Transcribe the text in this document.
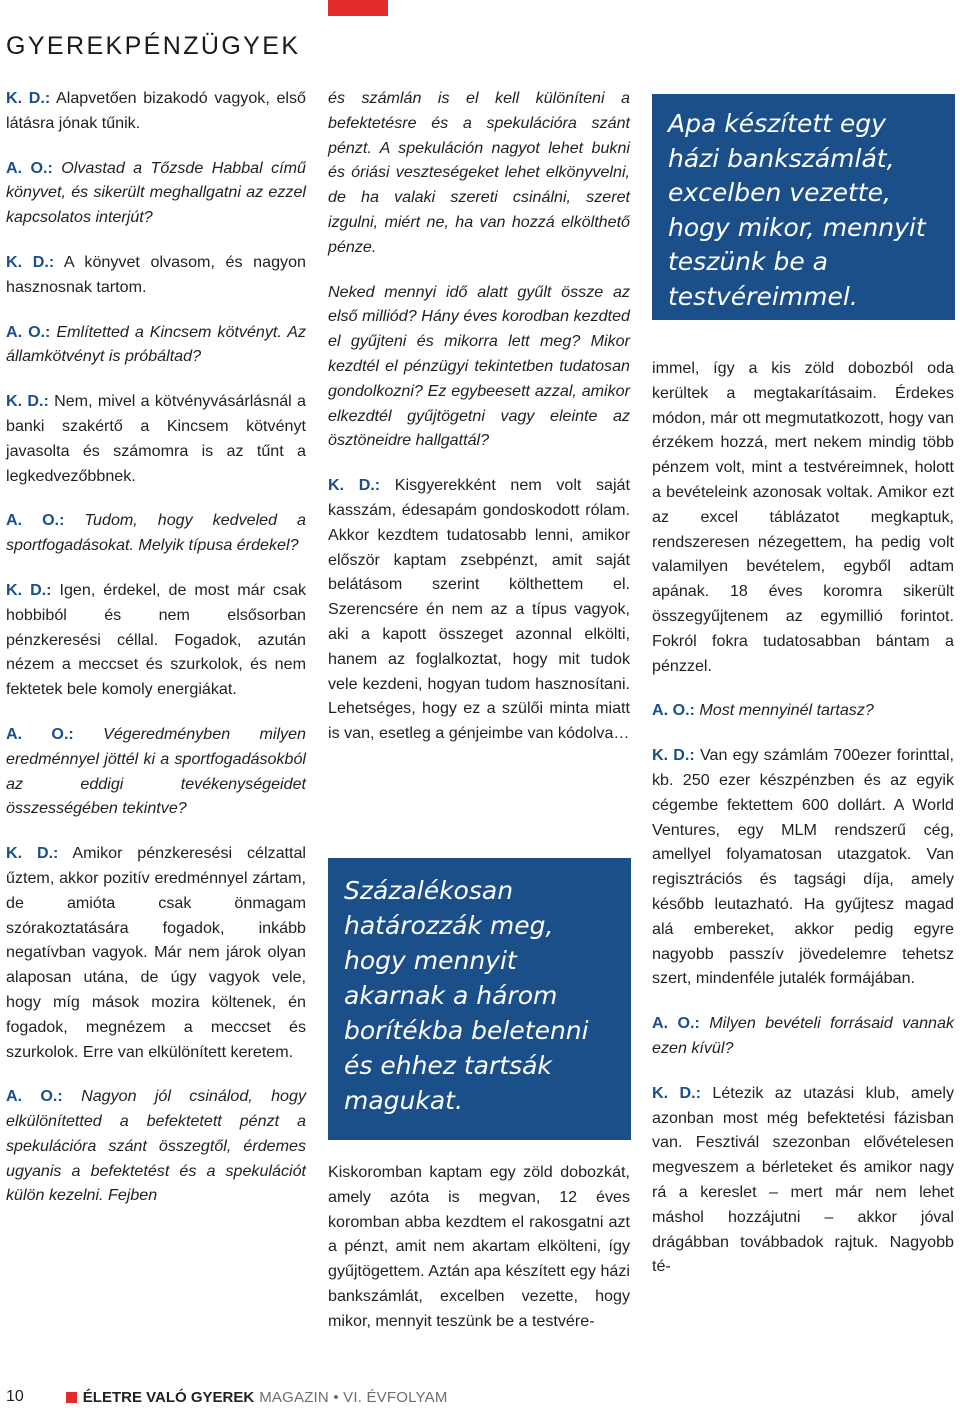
GYEREKPÉNZÜGYEK

K. D.: Alapvetően bizakodó vagyok, első látásra jónak tűnik.

A. O.: Olvastad a Tőzsde Habbal című könyvet, és sikerült meghallgatni az ezzel kapcsolatos interjút?

K. D.: A könyvet olvasom, és nagyon hasznosnak tartom.

A. O.: Említetted a Kincsem kötvényt. Az államkötvényt is próbáltad?

K. D.: Nem, mivel a kötvényvásárlásnál a banki szakértő a Kincsem kötvényt javasolta és számomra is az tűnt a legkedvezőbbnek.

A. O.: Tudom, hogy kedveled a sportfogadásokat. Melyik típusa érdekel?

K. D.: Igen, érdekel, de most már csak hobbiból és nem elsősorban pénzkeresési céllal. Fogadok, azután nézem a meccset és szurkolok, és nem fektetek bele komoly energiákat.

A. O.: Végeredményben milyen eredménnyel jöttél ki a sportfogadásokból az eddigi tevékenységeidet összességében tekintve?

K. D.: Amikor pénzkeresési célzattal űztem, akkor pozitív eredménnyel zártam, de amióta csak önmagam szórakoztatására fogadok, inkább negatívban vagyok. Már nem járok olyan alaposan utána, de úgy vagyok vele, hogy míg mások mozira költenek, én fogadok, megnézem a meccset és szurkolok. Erre van elkülönített keretem.

A. O.: Nagyon jól csinálod, hogy elkülönítetted a befektetett pénzt a spekulációra szánt összegtől, érdemes ugyanis a befektetést és a spekulációt külön kezelni. Fejben

és számlán is el kell különíteni a befektetésre és a spekulációra szánt pénzt. A spekuláción nagyot lehet bukni és óriási veszteségeket lehet elkönyvelni, de ha valaki szereti csinálni, szeret izgulni, miért ne, ha van hozzá elkölthető pénze.

Neked mennyi idő alatt gyűlt össze az első milliód? Hány éves korodban kezdted el gyűjteni és mikorra lett meg? Mikor kezdtél el pénzügyi tekintetben tudatosan gondolkozni? Ez egybeesett azzal, amikor elkezdtél gyűjtögetni vagy eleinte az ösztöneidre hallgattál?

K. D.: Kisgyerekként nem volt saját kasszám, édesapám gondoskodott rólam. Akkor kezdtem tudatosabb lenni, amikor először kaptam zsebpénzt, amit saját belátásom szerint költhettem el. Szerencsére én nem az a típus vagyok, aki a kapott összeget azonnal elkölti, hanem az foglalkoztat, hogy mit tudok vele kezdeni, hogyan tudom hasznosítani. Lehetséges, hogy ez a szülői minta miatt is van, esetleg a génjeimbe van kódolva…

Százalékosan határozzák meg, hogy mennyit akarnak a három borítékba beletenni és ehhez tartsák magukat.

Kiskoromban kaptam egy zöld dobozkát, amely azóta is megvan, 12 éves koromban abba kezdtem el rakosgatni azt a pénzt, amit nem akartam elkölteni, így gyűjtögettem. Aztán apa készített egy házi bankszámlát, excelben vezette, hogy mikor, mennyit teszünk be a testvére-

Apa készített egy házi bankszámlát, excelben vezette, hogy mikor, mennyit teszünk be a testvéreimmel.

immel, így a kis zöld dobozból oda kerültek a megtakarításaim. Érdekes módon, már ott megmutatkozott, hogy van érzékem hozzá, mert nekem mindig több pénzem volt, mint a testvéreimnek, holott a bevételeink azonosak voltak. Amikor ezt az excel táblázatot megkaptuk, rendszeresen nézegettem, ha pedig volt valamilyen bevételem, egyből adtam apának. 18 éves koromra sikerült összegyűjtenem az egymillió forintot. Fokról fokra tudatosabban bántam a pénzzel.

A. O.: Most mennyinél tartasz?

K. D.: Van egy számlám 700ezer forinttal, kb. 250 ezer készpénzben és az egyik cégembe fektettem 600 dollárt. A World Ventures, egy MLM rendszerű cég, amellyel folyamatosan utazgatok. Van regisztrációs és tagsági díja, amely később leutazható. Ha gyűjtesz magad alá embereket, akkor pedig egyre nagyobb passzív jövedelemre tehetsz szert, mindenféle jutalék formájában.

A. O.: Milyen bevételi forrásaid vannak ezen kívül?

K. D.: Létezik az utazási klub, amely azonban most még befektetési fázisban van. Fesztivál szezonban elővételesen megveszem a bérleteket és amikor nagy rá a kereslet – mert már nem lehet máshol hozzájutni – akkor jóval drágábban továbbadok rajtuk. Nagyobb té-

10	ÉLETRE VALÓ GYEREK MAGAZIN • VI. ÉVFOLYAM
